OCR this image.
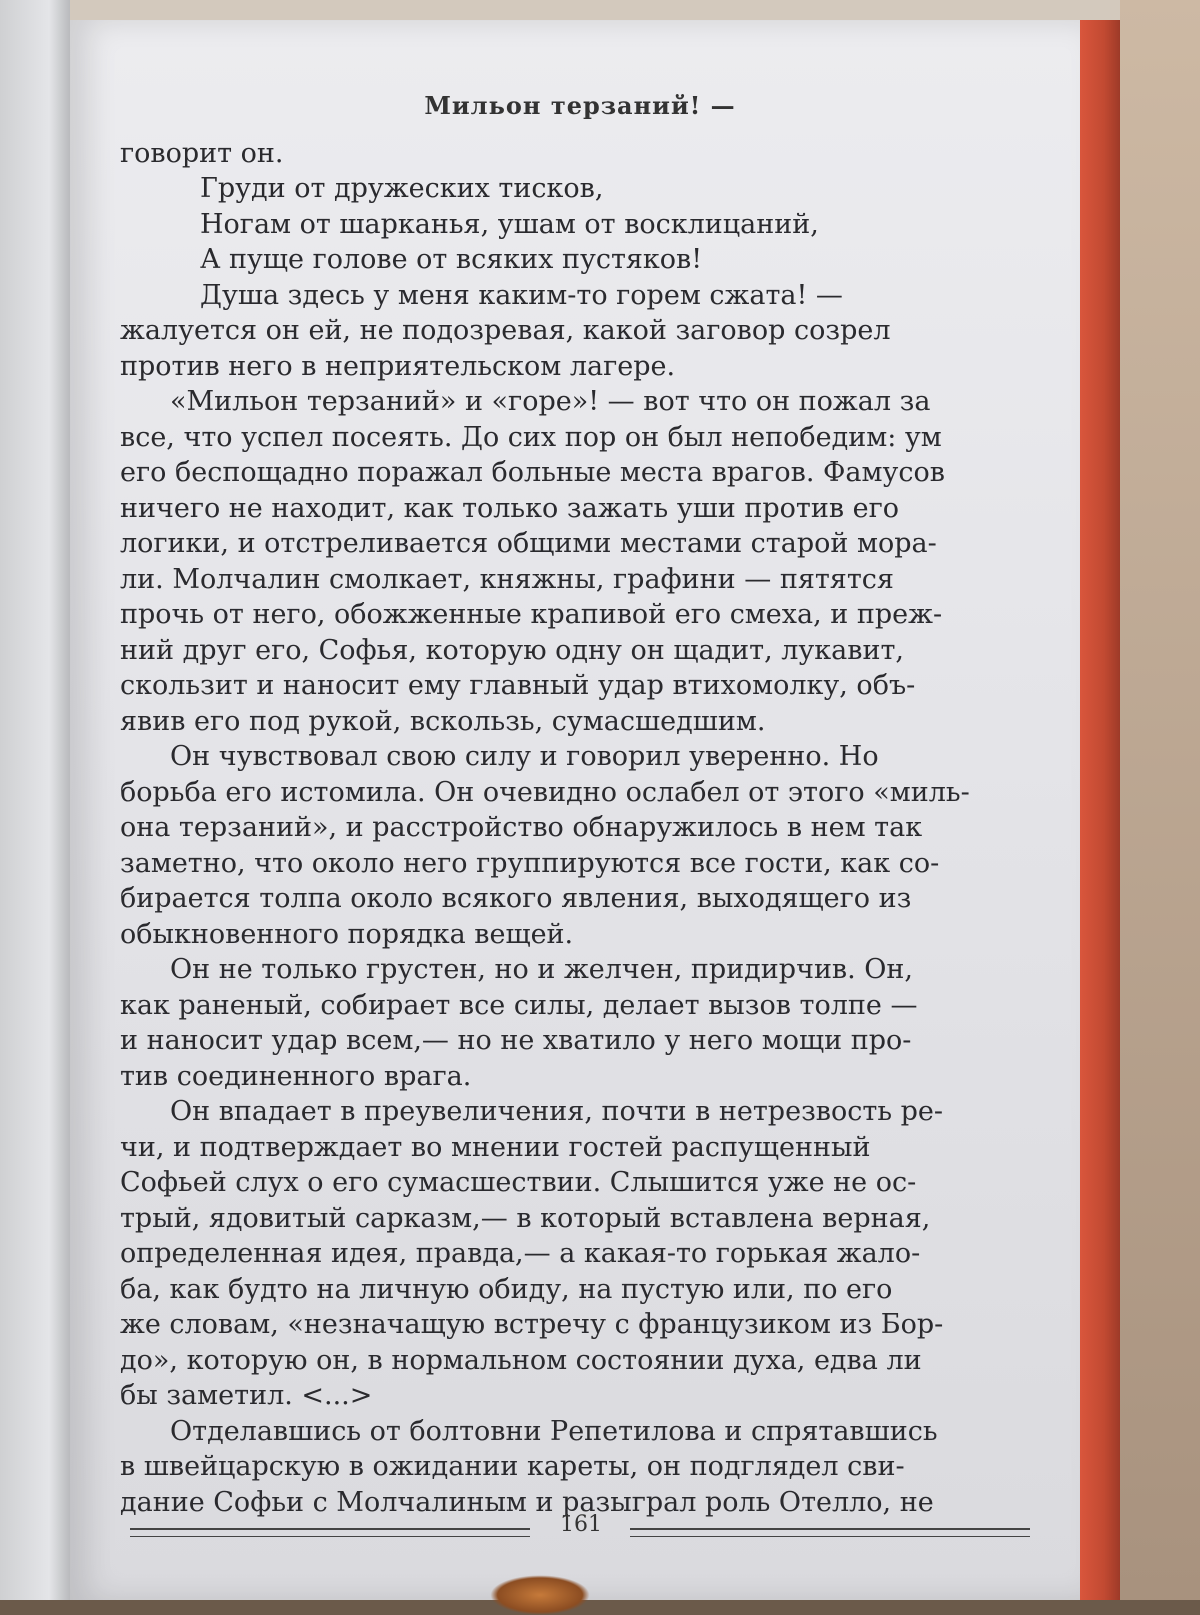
Мильон терзаний! —
говорит он.
Груди от дружеских тисков,
Ногам от шарканья, ушам от восклицаний,
А пуще голове от всяких пустяков!
Душа здесь у меня каким-то горем сжата! —
жалуется он ей, не подозревая, какой заговор созрел
против него в неприятельском лагере.
«Мильон терзаний» и «горе»! — вот что он пожал за
все, что успел посеять. До сих пор он был непобедим: ум
его беспощадно поражал больные места врагов. Фамусов
ничего не находит, как только зажать уши против его
логики, и отстреливается общими местами старой мора-
ли. Молчалин смолкает, княжны, графини — пятятся
прочь от него, обожженные крапивой его смеха, и преж-
ний друг его, Софья, которую одну он щадит, лукавит,
скользит и наносит ему главный удар втихомолку, объ-
явив его под рукой, вскользь, сумасшедшим.
Он чувствовал свою силу и говорил уверенно. Но
борьба его истомила. Он очевидно ослабел от этого «миль-
она терзаний», и расстройство обнаружилось в нем так
заметно, что около него группируются все гости, как со-
бирается толпа около всякого явления, выходящего из
обыкновенного порядка вещей.
Он не только грустен, но и желчен, придирчив. Он,
как раненый, собирает все силы, делает вызов толпе —
и наносит удар всем,— но не хватило у него мощи про-
тив соединенного врага.
Он впадает в преувеличения, почти в нетрезвость ре-
чи, и подтверждает во мнении гостей распущенный
Софьей слух о его сумасшествии. Слышится уже не ос-
трый, ядовитый сарказм,— в который вставлена верная,
определенная идея, правда,— а какая-то горькая жало-
ба, как будто на личную обиду, на пустую или, по его
же словам, «незначащую встречу с французиком из Бор-
до», которую он, в нормальном состоянии духа, едва ли
бы заметил. <...>
Отделавшись от болтовни Репетилова и спрятавшись
в швейцарскую в ожидании кареты, он подглядел сви-
дание Софьи с Молчалиным и разыграл роль Отелло, не
161
